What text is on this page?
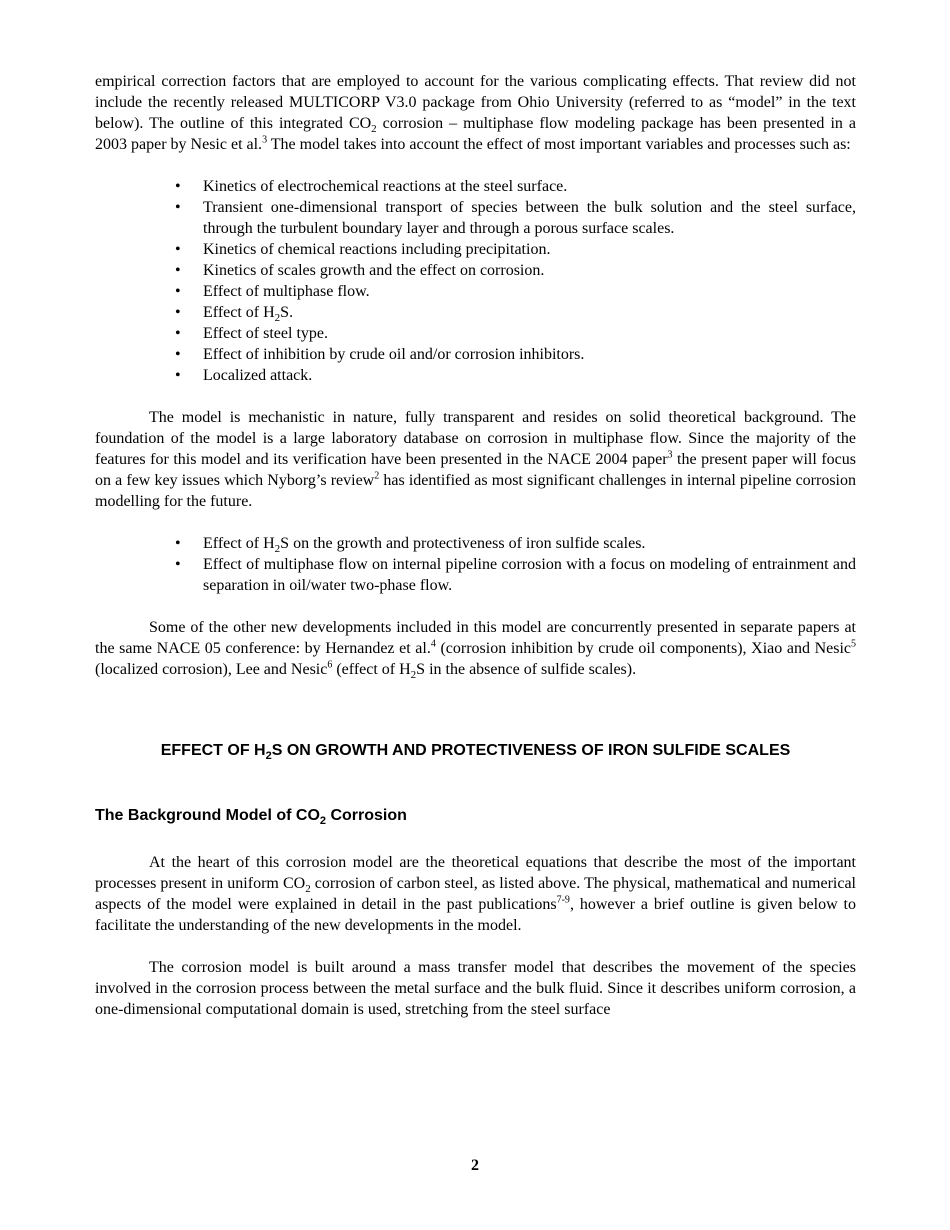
empirical correction factors that are employed to account for the various complicating effects. That review did not include the recently released MULTICORP V3.0 package from Ohio University (referred to as “model” in the text below). The outline of this integrated $CO_2$ corrosion – multiphase flow modeling package has been presented in a 2003 paper by Nesic et al.$^3$ The model takes into account the effect of most important variables and processes such as:

• Kinetics of electrochemical reactions at the steel surface.
• Transient one-dimensional transport of species between the bulk solution and the steel surface, through the turbulent boundary layer and through a porous surface scales.
• Kinetics of chemical reactions including precipitation.
• Kinetics of scales growth and the effect on corrosion.
• Effect of multiphase flow.
• Effect of $H_2S$.
• Effect of steel type.
• Effect of inhibition by crude oil and/or corrosion inhibitors.
• Localized attack.

The model is mechanistic in nature, fully transparent and resides on solid theoretical background. The foundation of the model is a large laboratory database on corrosion in multiphase flow. Since the majority of the features for this model and its verification have been presented in the NACE 2004 paper$^3$ the present paper will focus on a few key issues which Nyborg’s review$^2$ has identified as most significant challenges in internal pipeline corrosion modelling for the future.

• Effect of $H_2S$ on the growth and protectiveness of iron sulfide scales.
• Effect of multiphase flow on internal pipeline corrosion with a focus on modeling of entrainment and separation in oil/water two-phase flow.

Some of the other new developments included in this model are concurrently presented in separate papers at the same NACE 05 conference: by Hernandez et al.$^4$ (corrosion inhibition by crude oil components), Xiao and Nesic$^5$ (localized corrosion), Lee and Nesic$^6$ (effect of $H_2S$ in the absence of sulfide scales).

EFFECT OF $H_2S$ ON GROWTH AND PROTECTIVENESS OF IRON SULFIDE SCALES

The Background Model of $CO_2$ Corrosion

At the heart of this corrosion model are the theoretical equations that describe the most of the important processes present in uniform $CO_2$ corrosion of carbon steel, as listed above. The physical, mathematical and numerical aspects of the model were explained in detail in the past publications$^{7-9}$, however a brief outline is given below to facilitate the understanding of the new developments in the model.

The corrosion model is built around a mass transfer model that describes the movement of the species involved in the corrosion process between the metal surface and the bulk fluid. Since it describes uniform corrosion, a one-dimensional computational domain is used, stretching from the steel surface

2
